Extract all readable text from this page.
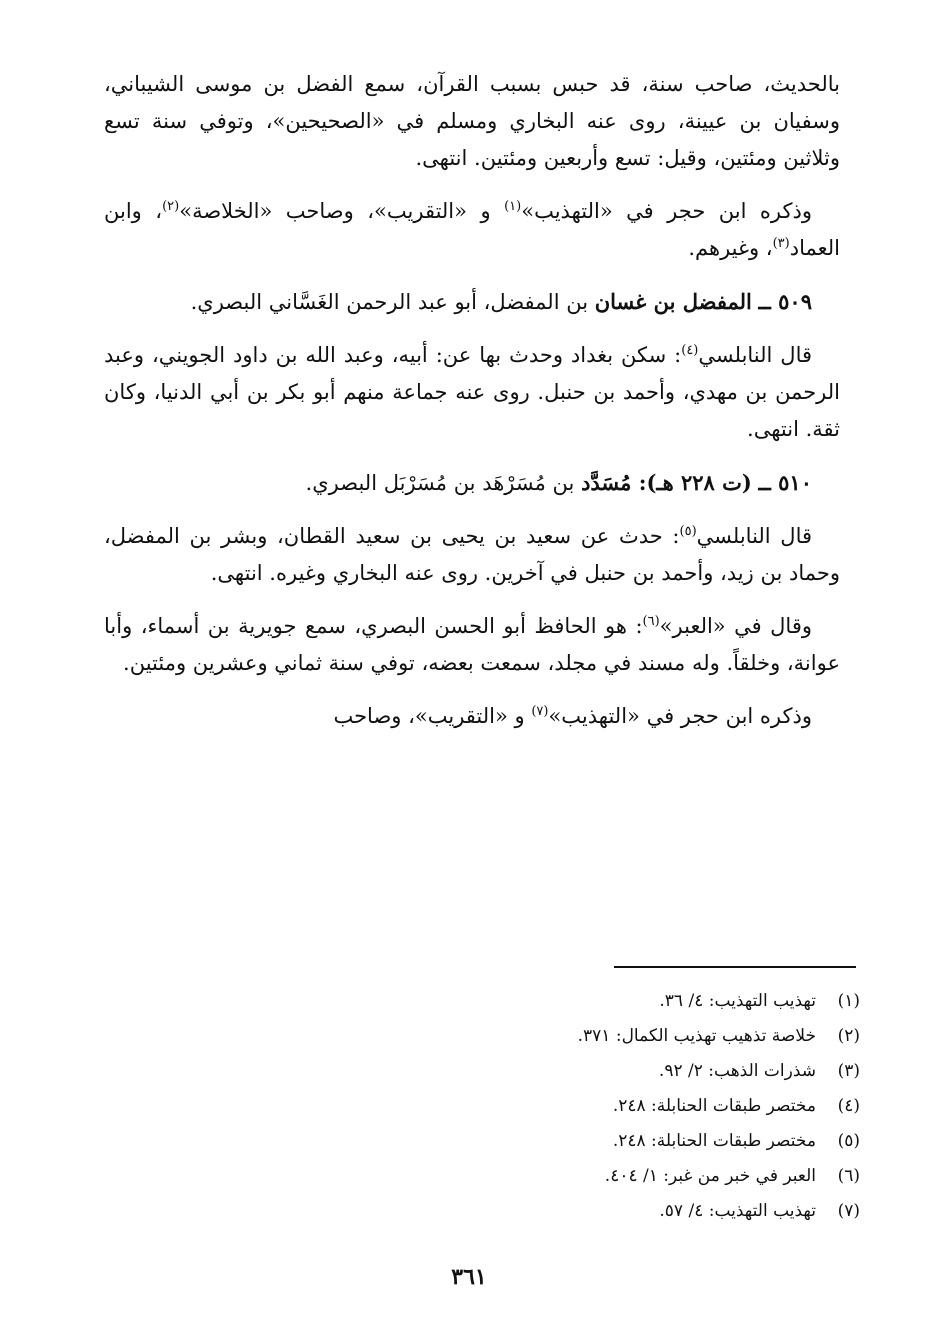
بالحديث، صاحب سنة، قد حبس بسبب القرآن، سمع الفضل بن موسى الشيباني، وسفيان بن عيينة، روى عنه البخاري ومسلم في «الصحيحين»، وتوفي سنة تسع وثلاثين ومئتين، وقيل: تسع وأربعين ومئتين. انتهى.

وذكره ابن حجر في «التهذيب»$^{(١)}$ و «التقريب»، وصاحب «الخلاصة»$^{(٢)}$، وابن العماد$^{(٣)}$، وغيرهم.

٥٠٩ ــ المفضل بن غسان بن المفضل، أبو عبد الرحمن الغَسَّاني البصري.

قال النابلسي$^{(٤)}$: سكن بغداد وحدث بها عن: أبيه، وعبد الله بن داود الجويني، وعبد الرحمن بن مهدي، وأحمد بن حنبل. روى عنه جماعة منهم أبو بكر بن أبي الدنيا، وكان ثقة. انتهى.

٥١٠ ــ (ت ٢٢٨ هـ): مُسَدَّد بن مُسَرْهَد بن مُسَرْبَل البصري.

قال النابلسي$^{(٥)}$: حدث عن سعيد بن يحيى بن سعيد القطان، وبشر بن المفضل، وحماد بن زيد، وأحمد بن حنبل في آخرين. روى عنه البخاري وغيره. انتهى.

وقال في «العبر»$^{(٦)}$: هو الحافظ أبو الحسن البصري، سمع جويرية بن أسماء، وأبا عوانة، وخلقاً. وله مسند في مجلد، سمعت بعضه، توفي سنة ثماني وعشرين ومئتين.

وذكره ابن حجر في «التهذيب»$^{(٧)}$ و «التقريب»، وصاحب

(١)
تهذيب التهذيب: ٤/ ٣٦.
(٢)
خلاصة تذهيب تهذيب الكمال: ٣٧١.
(٣)
شذرات الذهب: ٢/ ٩٢.
(٤)
مختصر طبقات الحنابلة: ٢٤٨.
(٥)
مختصر طبقات الحنابلة: ٢٤٨.
(٦)
العبر في خبر من غبر: ١/ ٤٠٤.
(٧)
تهذيب التهذيب: ٤/ ٥٧.
٣٦١
